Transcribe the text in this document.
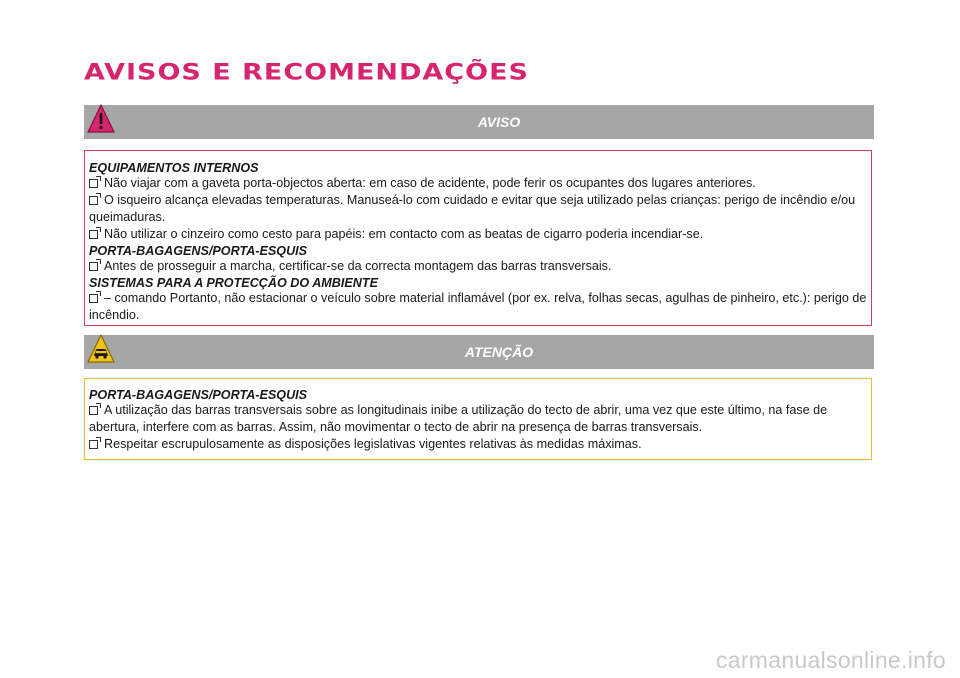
AVISOS E RECOMENDAÇÕES
AVISO
EQUIPAMENTOS INTERNOS

Não viajar com a gaveta porta-objectos aberta: em caso de acidente, pode ferir os ocupantes dos lugares anteriores.

O isqueiro alcança elevadas temperaturas. Manuseá-lo com cuidado e evitar que seja utilizado pelas crianças: perigo de incêndio e/ou queimaduras.

Não utilizar o cinzeiro como cesto para papéis: em contacto com as beatas de cigarro poderia incendiar-se.

PORTA-BAGAGENS/PORTA-ESQUIS

Antes de prosseguir a marcha, certificar-se da correcta montagem das barras transversais.

SISTEMAS PARA A PROTECÇÃO DO AMBIENTE

– comando Portanto, não estacionar o veículo sobre material inflamável (por ex. relva, folhas secas, agulhas de pinheiro, etc.): perigo de incêndio.

ATENÇÃO
PORTA-BAGAGENS/PORTA-ESQUIS

A utilização das barras transversais sobre as longitudinais inibe a utilização do tecto de abrir, uma vez que este último, na fase de abertura, interfere com as barras. Assim, não movimentar o tecto de abrir na presença de barras transversais.

Respeitar escrupulosamente as disposições legislativas vigentes relativas às medidas máximas.

carmanualsonline.info
